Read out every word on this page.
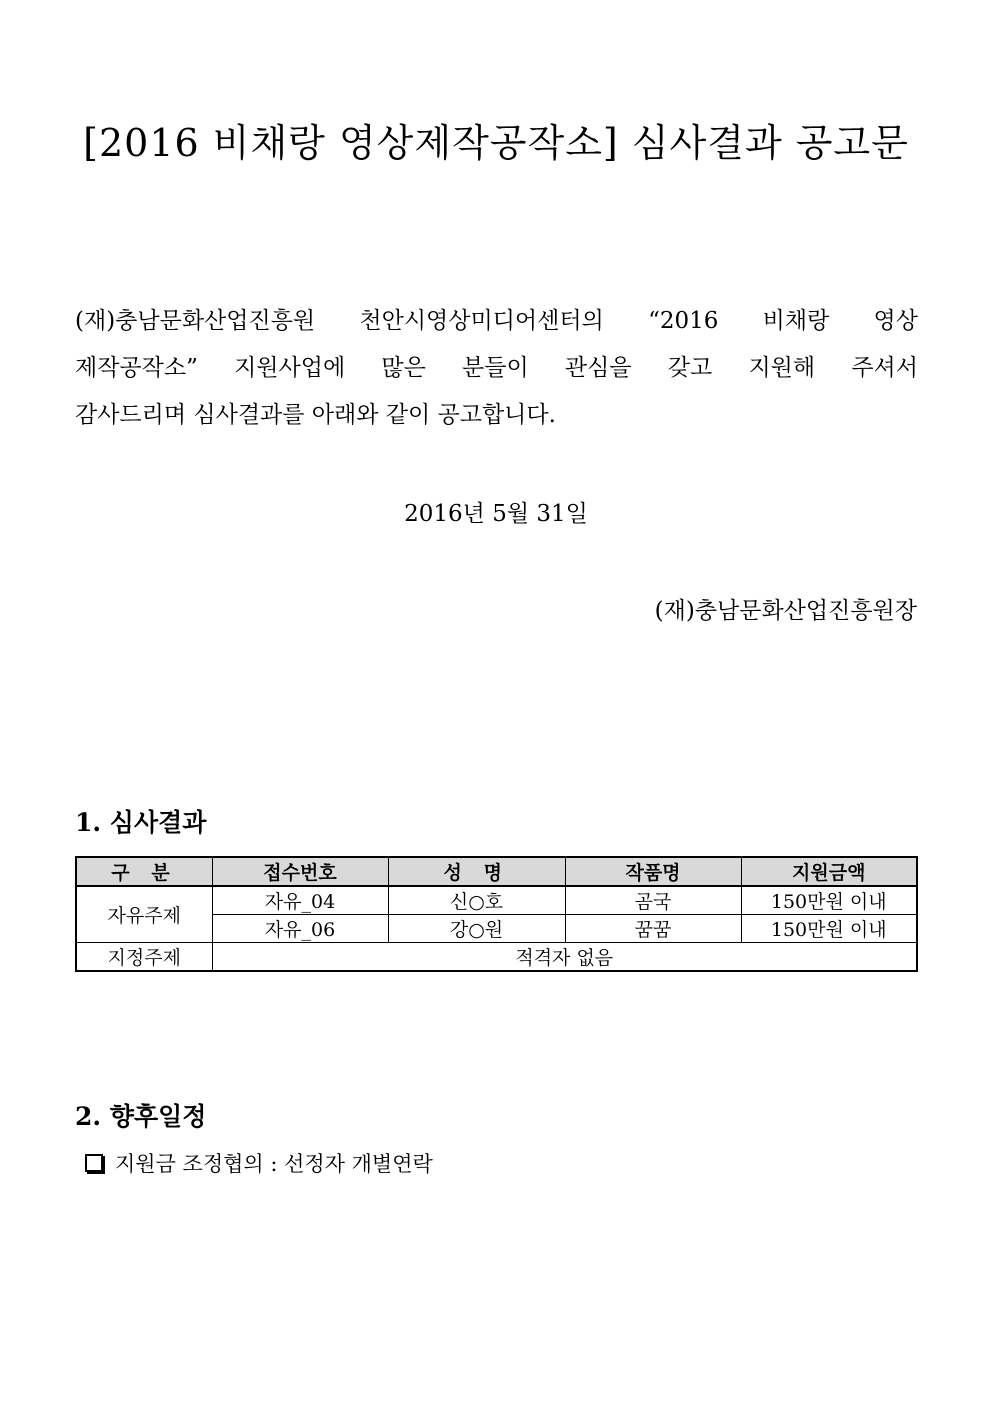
[2016 비채랑 영상제작공작소] 심사결과 공고문
(재)충남문화산업진흥원 천안시영상미디어센터의 “2016 비채랑 영상
제작공작소” 지원사업에 많은 분들이 관심을 갖고 지원해 주셔서
감사드리며 심사결과를 아래와 같이 공고합니다.
2016년 5월 31일
(재)충남문화산업진흥원장
1. 심사결과
구 분	접수번호	성 명	작품명	지원금액
자유주제	자유_04	신○호	곰국	150만원 이내
	자유_06	강○원	꿈꿈	150만원 이내
지정주제	적격자 없음			
2. 향후일정
지원금 조정협의 : 선정자 개별연락
